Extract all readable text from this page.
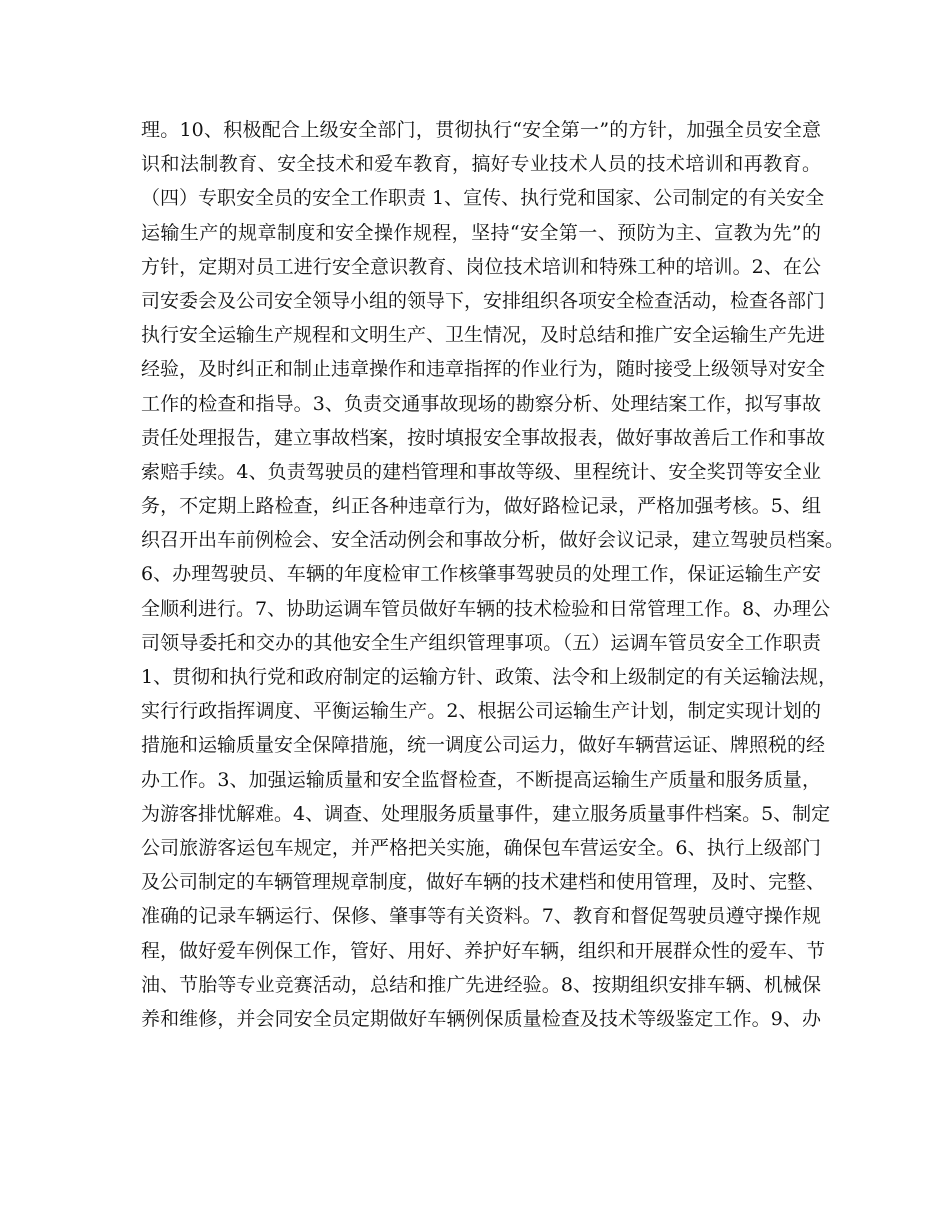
理。10、积极配合上级安全部门，贯彻执行“安全第一”的方针，加强全员安全意
识和法制教育、安全技术和爱车教育，搞好专业技术人员的技术培训和再教育。
（四）专职安全员的安全工作职责 1、宣传、执行党和国家、公司制定的有关安全
运输生产的规章制度和安全操作规程，坚持“安全第一、预防为主、宣教为先”的
方针，定期对员工进行安全意识教育、岗位技术培训和特殊工种的培训。2、在公
司安委会及公司安全领导小组的领导下，安排组织各项安全检查活动，检查各部门
执行安全运输生产规程和文明生产、卫生情况，及时总结和推广安全运输生产先进
经验，及时纠正和制止违章操作和违章指挥的作业行为，随时接受上级领导对安全
工作的检查和指导。3、负责交通事故现场的勘察分析、处理结案工作，拟写事故
责任处理报告，建立事故档案，按时填报安全事故报表，做好事故善后工作和事故
索赔手续。4、负责驾驶员的建档管理和事故等级、里程统计、安全奖罚等安全业
务，不定期上路检查，纠正各种违章行为，做好路检记录，严格加强考核。5、组
织召开出车前例检会、安全活动例会和事故分析，做好会议记录，建立驾驶员档案。
6、办理驾驶员、车辆的年度检审工作核肇事驾驶员的处理工作，保证运输生产安
全顺利进行。7、协助运调车管员做好车辆的技术检验和日常管理工作。8、办理公
司领导委托和交办的其他安全生产组织管理事项。（五）运调车管员安全工作职责
1、贯彻和执行党和政府制定的运输方针、政策、法令和上级制定的有关运输法规，
实行行政指挥调度、平衡运输生产。2、根据公司运输生产计划，制定实现计划的
措施和运输质量安全保障措施，统一调度公司运力，做好车辆营运证、牌照税的经
办工作。3、加强运输质量和安全监督检查，不断提高运输生产质量和服务质量，
为游客排忧解难。4、调查、处理服务质量事件，建立服务质量事件档案。5、制定
公司旅游客运包车规定，并严格把关实施，确保包车营运安全。6、执行上级部门
及公司制定的车辆管理规章制度，做好车辆的技术建档和使用管理，及时、完整、
准确的记录车辆运行、保修、肇事等有关资料。7、教育和督促驾驶员遵守操作规
程，做好爱车例保工作，管好、用好、养护好车辆，组织和开展群众性的爱车、节
油、节胎等专业竞赛活动，总结和推广先进经验。8、按期组织安排车辆、机械保
养和维修，并会同安全员定期做好车辆例保质量检查及技术等级鉴定工作。9、办
